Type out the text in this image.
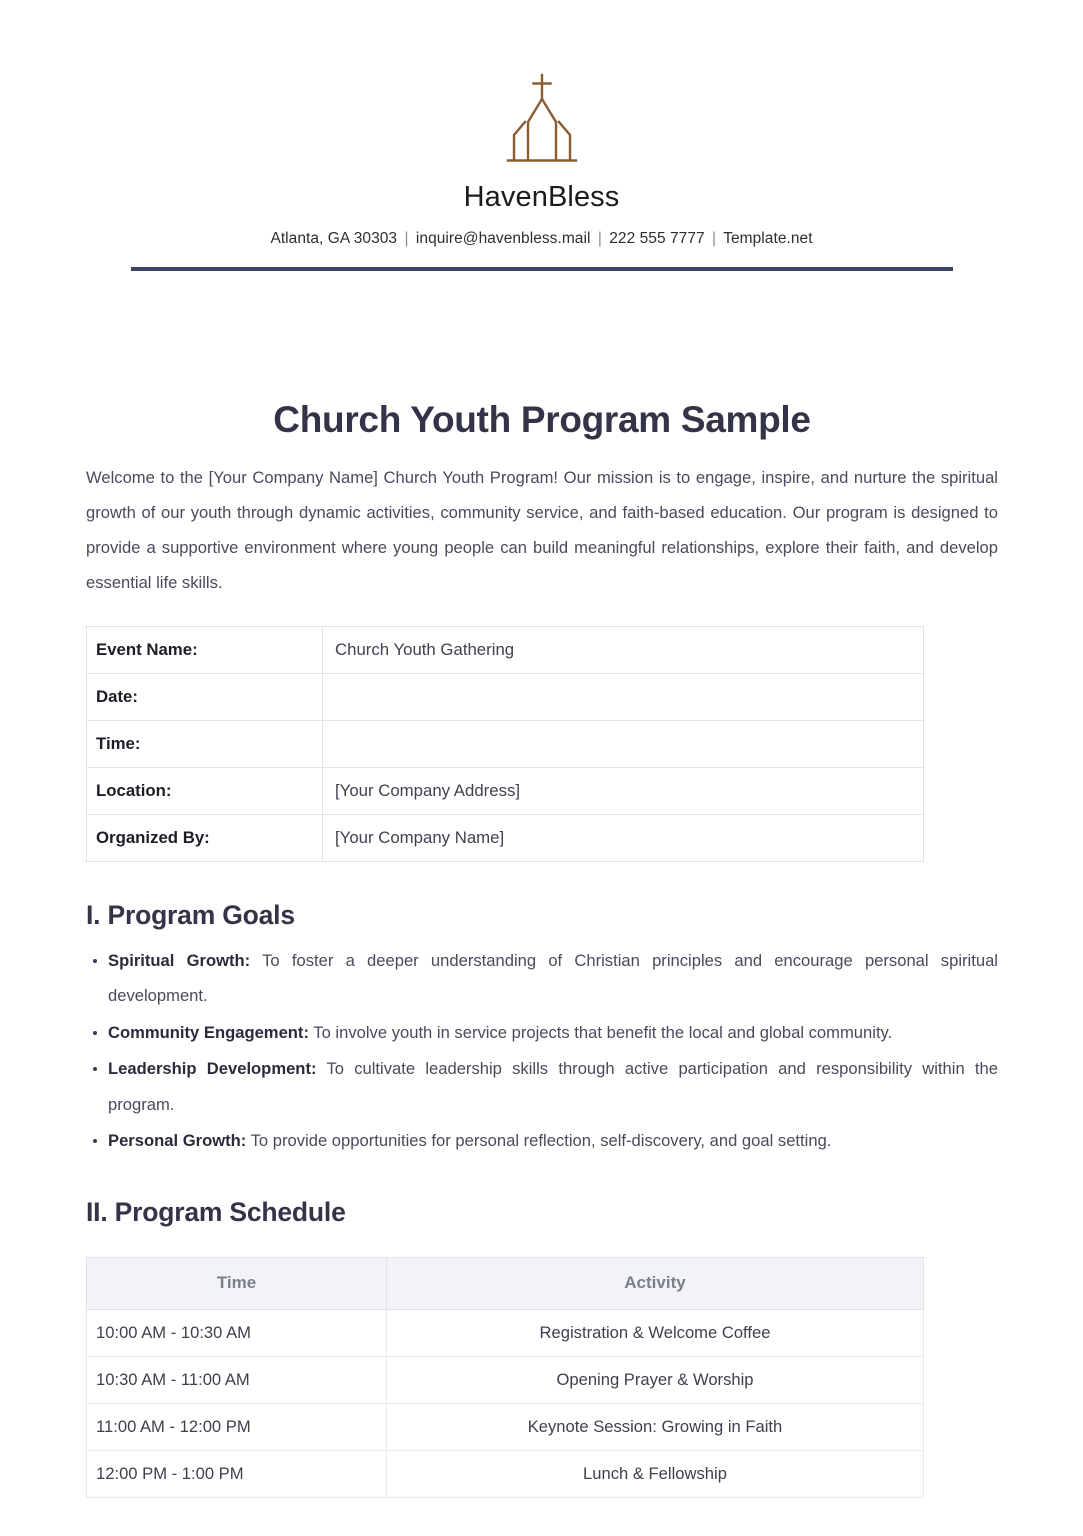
HavenBless

Atlanta, GA 30303 | inquire@havenbless.mail | 222 555 7777 | Template.net

Church Youth Program Sample

Welcome to the [Your Company Name] Church Youth Program! Our mission is to engage, inspire, and nurture the spiritual growth of our youth through dynamic activities, community service, and faith-based education. Our program is designed to provide a supportive environment where young people can build meaningful relationships, explore their faith, and develop essential life skills.

Event Name:	Church Youth Gathering
Date:	
Time:	
Location:	[Your Company Address]
Organized By:	[Your Company Name]
I. Program Goals
Spiritual Growth: To foster a deeper understanding of Christian principles and encourage personal spiritual development.
Community Engagement: To involve youth in service projects that benefit the local and global community.
Leadership Development: To cultivate leadership skills through active participation and responsibility within the program.
Personal Growth: To provide opportunities for personal reflection, self-discovery, and goal setting.
II. Program Schedule
Time	Activity
10:00 AM - 10:30 AM	Registration & Welcome Coffee
10:30 AM - 11:00 AM	Opening Prayer & Worship
11:00 AM - 12:00 PM	Keynote Session: Growing in Faith
12:00 PM - 1:00 PM	Lunch & Fellowship
